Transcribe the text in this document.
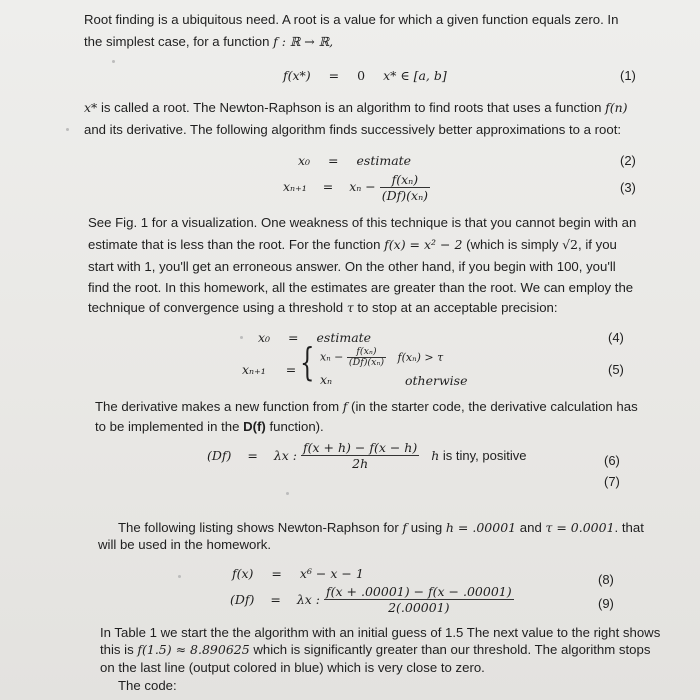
Root finding is a ubiquitous need. A root is a value for which a given function equals zero. In

the simplest case, for a function f : ℝ → ℝ,

f(x*) = 0 x* ∈ [a, b]	(1)

x* is called a root. The Newton-Raphson is an algorithm to find roots that uses a function f(n)

and its derivative. The following algorithm finds successively better approximations to a root:

x₀ = estimate	(2)
$x_{n+1} = x_n - \frac{\text{f(xₙ)}}{\text{(Df)(xₙ)}}$	(3)

See Fig. 1 for a visualization. One weakness of this technique is that you cannot begin with an

estimate that is less than the root. For the function f(x) = x² − 2 (which is simply √2, if you

start with 1, you'll get an erroneous answer. On the other hand, if you begin with 100, you'll

find the root. In this homework, all the estimates are greater than the root. We can employ the

technique of convergence using a threshold τ to stop at an acceptable precision:

x₀ = estimate	(4)
xₙ₊₁ = { $x_n - \frac{\text{f(xₙ)}}{\text{(Df)(xₙ)}} f(x_n) > \tau$
xₙ	otherwise
(5)

The derivative makes a new function from f (in the starter code, the derivative calculation has

to be implemented in the D(f) function).

(Df) = λx : $\frac{f(x + h) - f(x - h)}{2h}$ h is tiny, positive	(6)
(7)

The following listing shows Newton-Raphson for f using h = .00001 and τ = 0.0001. that

will be used in the homework.

f(x) = x⁶ − x − 1	(8)
(Df) = λx : $\frac{f(x + .00001) - f(x - .00001)}{2(.00001)}$	(9)

In Table 1 we start the the algorithm with an initial guess of 1.5 The next value to the right shows

this is f(1.5) ≈ 8.890625 which is significantly greater than our threshold. The algorithm stops

on the last line (output colored in blue) which is very close to zero.

The code:
